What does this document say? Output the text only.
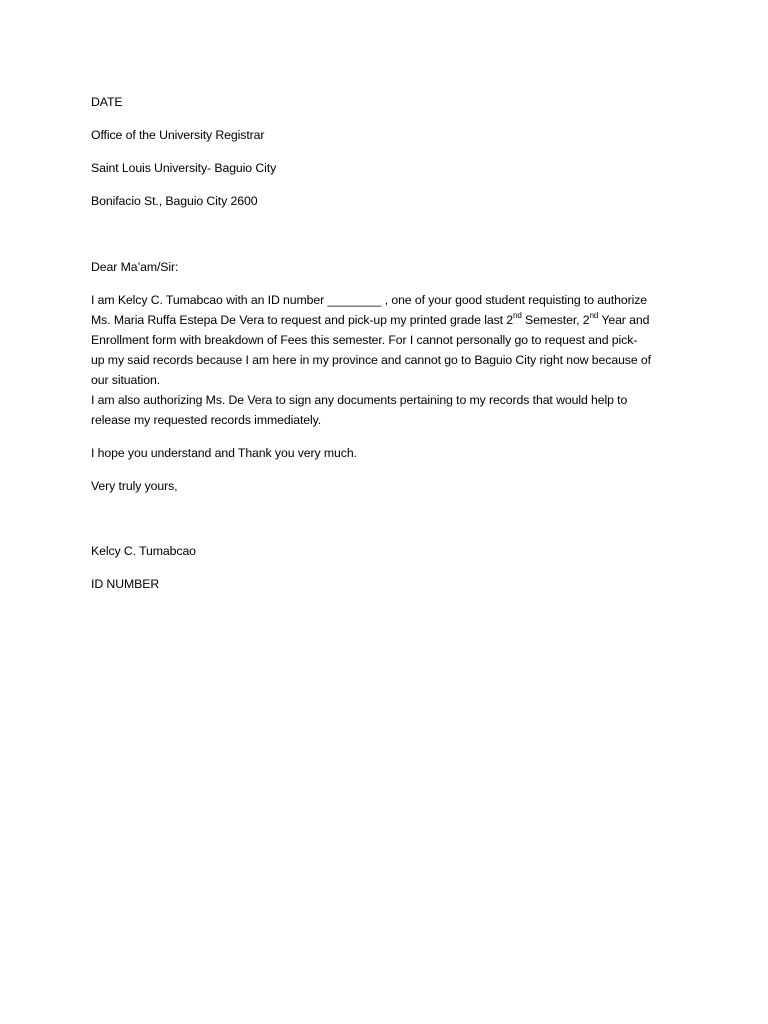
DATE
Office of the University Registrar
Saint Louis University- Baguio City
Bonifacio St., Baguio City 2600
Dear Ma’am/Sir:
I am Kelcy C. Tumabcao with an ID number ________ , one of your good student requisting to authorize
Ms. Maria Ruffa Estepa De Vera to request and pick-up my printed grade last 2nd Semester, 2nd Year and
Enrollment form with breakdown of Fees this semester. For I cannot personally go to request and pick-
up my said records because I am here in my province and cannot go to Baguio City right now because of
our situation.
I am also authorizing Ms. De Vera to sign any documents pertaining to my records that would help to
release my requested records immediately.
I hope you understand and Thank you very much.
Very truly yours,
Kelcy C. Tumabcao
ID NUMBER
